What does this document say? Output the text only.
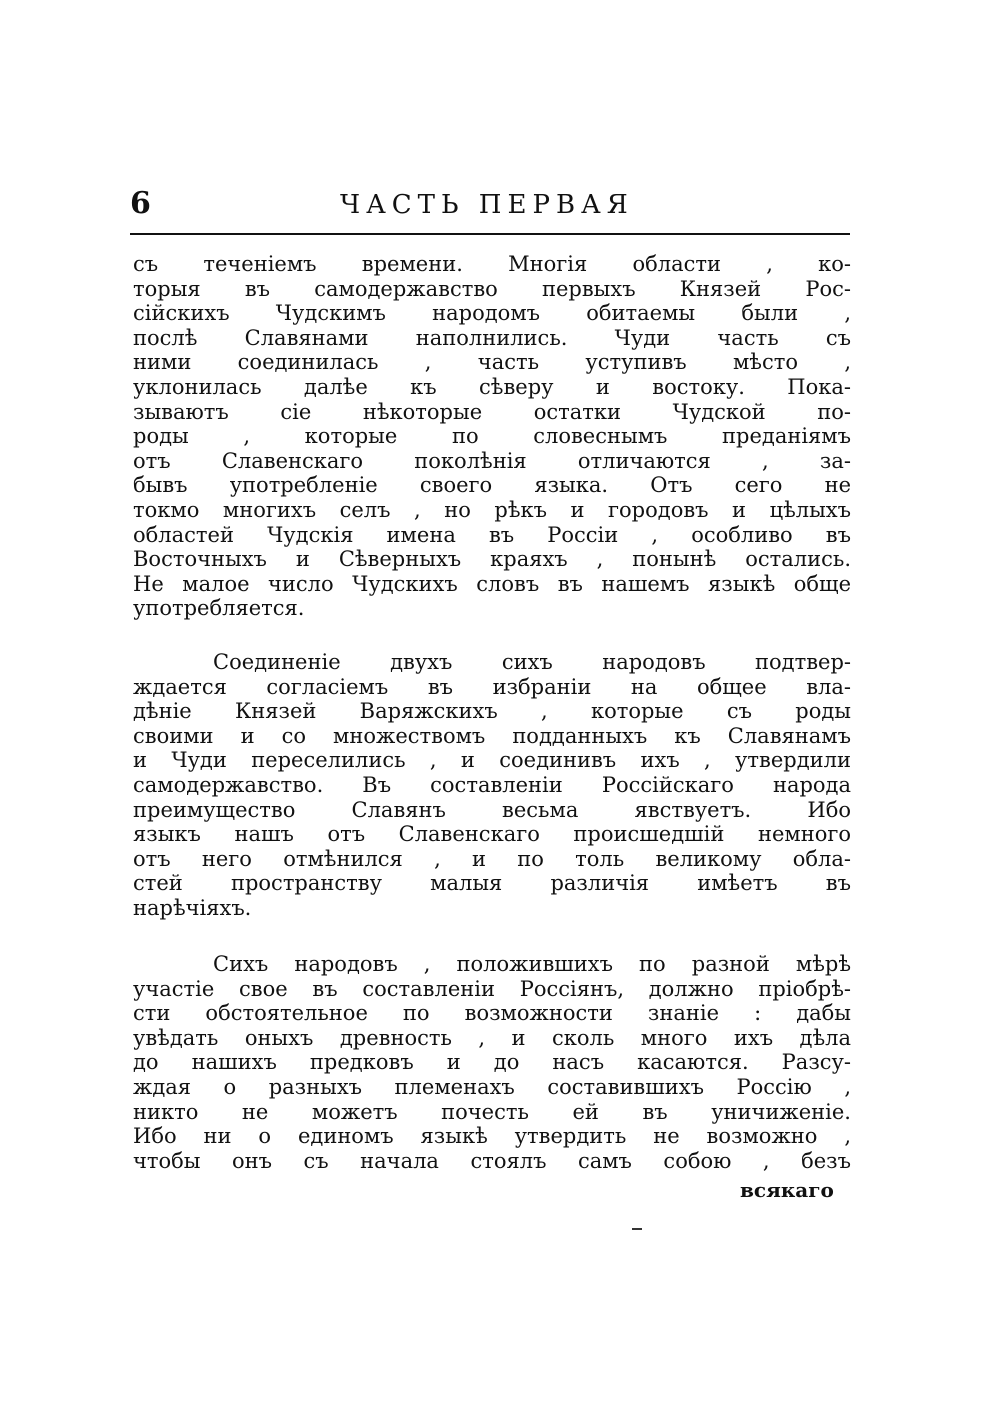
6	ЧАСТЬ ПЕРВАЯ

съ теченіемъ времени. Многія области , ко-
торыя въ самодержавство первыхъ Князей Рос-
сійскихъ Чудскимъ народомъ обитаемы были ,
послѣ Славянами наполнились. Чуди часть съ
ними соединилась , часть уступивъ мѣсто ,
уклонилась далѣе къ сѣверу и востоку. Пока-
зываютъ сіе нѣкоторые остатки Чудской по-
роды , которые по словеснымъ преданіямъ
отъ Славенскаго поколѣнія отличаются , за-
бывъ употребленіе своего языка. Отъ сего не
токмо многихъ селъ , но рѣкъ и городовъ и цѣлыхъ
областей Чудскія имена въ Россіи , особливо въ
Восточныхъ и Сѣверныхъ краяхъ , понынѣ остались.
Не малое число Чудскихъ словъ въ нашемъ языкѣ обще
употребляется.

Соединеніе двухъ сихъ народовъ подтвер-
ждается согласіемъ въ избраніи на общее вла-
дѣніе Князей Варяжскихъ , которые съ роды
своими и со множествомъ подданныхъ къ Славянамъ
и Чуди переселились , и соединивъ ихъ , утвердили
самодержавство. Въ составленіи Россійскаго народа
преимущество Славянъ весьма явствуетъ. Ибо
языкъ нашъ отъ Славенскаго происшедшій немного
отъ него отмѣнился , и по толь великому обла-
стей пространству малыя различія имѣетъ въ
нарѣчіяхъ.

Сихъ народовъ , положившихъ по разной мѣрѣ
участіе свое въ составленіи Россіянъ, должно пріобрѣ-
сти обстоятельное по возможности знаніе : дабы
увѣдать оныхъ древность , и сколь много ихъ дѣла
до нашихъ предковъ и до насъ касаются. Разсу-
ждая о разныхъ племенахъ составившихъ Россію ,
никто не можетъ почесть ей въ уничиженіе.
Ибо ни о единомъ языкѣ утвердить не возможно ,
чтобы онъ съ начала стоялъ самъ собою , безъ

всякаго
